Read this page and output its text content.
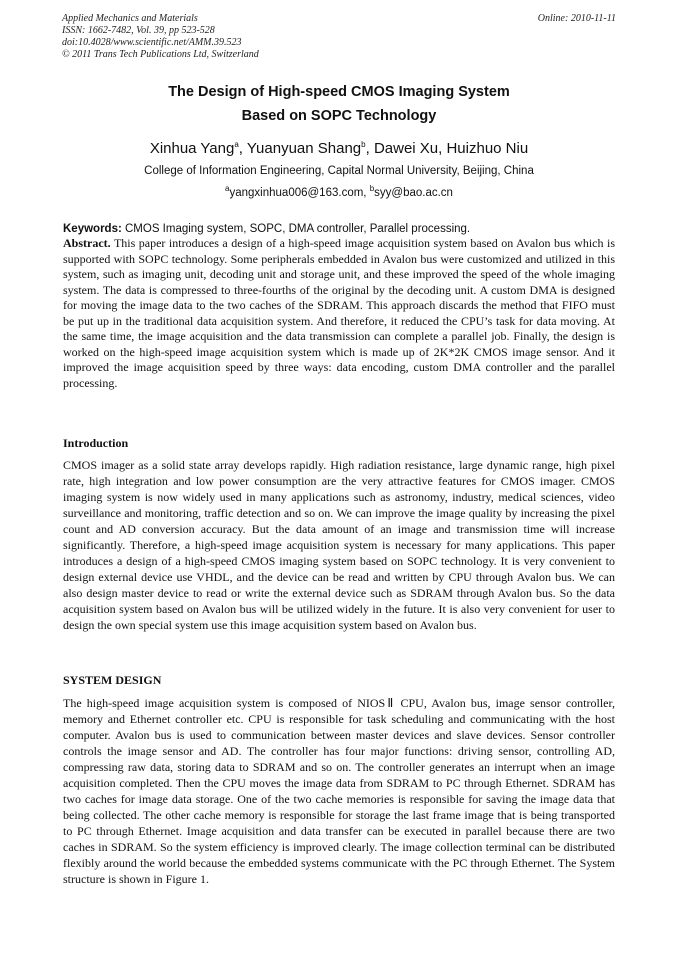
Applied Mechanics and Materials
ISSN: 1662-7482, Vol. 39, pp 523-528
doi:10.4028/www.scientific.net/AMM.39.523
© 2011 Trans Tech Publications Ltd, Switzerland
Online: 2010-11-11
The Design of High-speed CMOS Imaging System
Based on SOPC Technology
Xinhua Yang$^a$, Yuanyuan Shang$^b$, Dawei Xu, Huizhuo Niu
College of Information Engineering, Capital Normal University, Beijing, China
$^a$yangxinhua006@163.com, $^b$syy@bao.ac.cn
Keywords: CMOS Imaging system, SOPC, DMA controller, Parallel processing.
Abstract. This paper introduces a design of a high-speed image acquisition system based on Avalon bus which is supported with SOPC technology. Some peripherals embedded in Avalon bus were customized and utilized in this system, such as imaging unit, decoding unit and storage unit, and these improved the speed of the whole imaging system. The data is compressed to three-fourths of the original by the decoding unit. A custom DMA is designed for moving the image data to the two caches of the SDRAM. This approach discards the method that FIFO must be put up in the traditional data acquisition system. And therefore, it reduced the CPU’s task for data moving. At the same time, the image acquisition and the data transmission can complete a parallel job. Finally, the design is worked on the high-speed image acquisition system which is made up of 2K*2K CMOS image sensor. And it improved the image acquisition speed by three ways: data encoding, custom DMA controller and the parallel processing.
Introduction
CMOS imager as a solid state array develops rapidly. High radiation resistance, large dynamic range, high pixel rate, high integration and low power consumption are the very attractive features for CMOS imager. CMOS imaging system is now widely used in many applications such as astronomy, industry, medical sciences, video surveillance and monitoring, traffic detection and so on. We can improve the image quality by increasing the pixel count and AD conversion accuracy. But the data amount of an image and transmission time will increase significantly. Therefore, a high-speed image acquisition system is necessary for many applications. This paper introduces a design of a high-speed CMOS imaging system based on SOPC technology. It is very convenient to design external device use VHDL, and the device can be read and written by CPU through Avalon bus. We can also design master device to read or write the external device such as SDRAM through Avalon bus. So the data acquisition system based on Avalon bus will be utilized widely in the future. It is also very convenient for user to design the own special system use this image acquisition system based on Avalon bus.
SYSTEM DESIGN
The high-speed image acquisition system is composed of NIOSⅡ CPU, Avalon bus, image sensor controller, memory and Ethernet controller etc. CPU is responsible for task scheduling and communicating with the host computer. Avalon bus is used to communication between master devices and slave devices. Sensor controller controls the image sensor and AD. The controller has four major functions: driving sensor, controlling AD, compressing raw data, storing data to SDRAM and so on. The controller generates an interrupt when an image acquisition completed. Then the CPU moves the image data from SDRAM to PC through Ethernet. SDRAM has two caches for image data storage. One of the two cache memories is responsible for saving the image data that being collected. The other cache memory is responsible for storage the last frame image that is being transported to PC through Ethernet. Image acquisition and data transfer can be executed in parallel because there are two caches in SDRAM. So the system efficiency is improved clearly. The image collection terminal can be distributed flexibly around the world because the embedded systems communicate with the PC through Ethernet. The System structure is shown in Figure 1.
